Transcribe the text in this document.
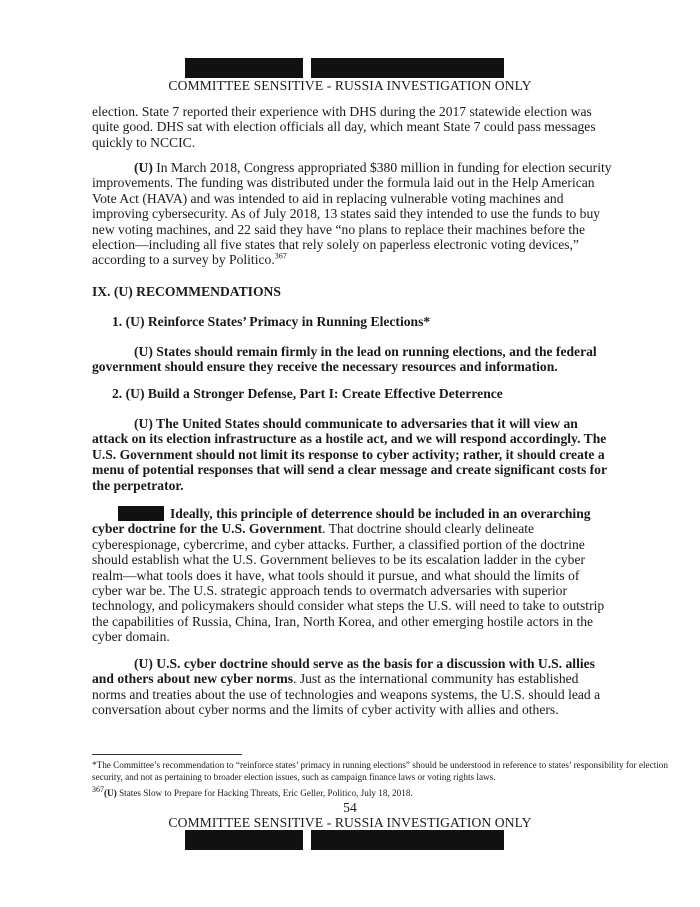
COMMITTEE SENSITIVE - RUSSIA INVESTIGATION ONLY

election. State 7 reported their experience with DHS during the 2017 statewide election was quite good. DHS sat with election officials all day, which meant State 7 could pass messages quickly to NCCIC.

(U) In March 2018, Congress appropriated $380 million in funding for election security improvements. The funding was distributed under the formula laid out in the Help American Vote Act (HAVA) and was intended to aid in replacing vulnerable voting machines and improving cybersecurity. As of July 2018, 13 states said they intended to use the funds to buy new voting machines, and 22 said they have “no plans to replace their machines before the election—including all five states that rely solely on paperless electronic voting devices,” according to a survey by Politico.$^{367}$

IX. (U) RECOMMENDATIONS

1. (U) Reinforce States’ Primacy in Running Elections*

(U) States should remain firmly in the lead on running elections, and the federal government should ensure they receive the necessary resources and information.

2. (U) Build a Stronger Defense, Part I: Create Effective Deterrence

(U) The United States should communicate to adversaries that it will view an attack on its election infrastructure as a hostile act, and we will respond accordingly. The U.S. Government should not limit its response to cyber activity; rather, it should create a menu of potential responses that will send a clear message and create significant costs for the perpetrator.

Ideally, this principle of deterrence should be included in an overarching cyber doctrine for the U.S. Government. That doctrine should clearly delineate cyberespionage, cybercrime, and cyber attacks. Further, a classified portion of the doctrine should establish what the U.S. Government believes to be its escalation ladder in the cyber realm—what tools does it have, what tools should it pursue, and what should the limits of cyber war be. The U.S. strategic approach tends to overmatch adversaries with superior technology, and policymakers should consider what steps the U.S. will need to take to outstrip the capabilities of Russia, China, Iran, North Korea, and other emerging hostile actors in the cyber domain.

(U) U.S. cyber doctrine should serve as the basis for a discussion with U.S. allies and others about new cyber norms. Just as the international community has established norms and treaties about the use of technologies and weapons systems, the U.S. should lead a conversation about cyber norms and the limits of cyber activity with allies and others.

*The Committee’s recommendation to “reinforce states’ primacy in running elections” should be understood in reference to states’ responsibility for election security, and not as pertaining to broader election issues, such as campaign finance laws or voting rights laws.

367(U) States Slow to Prepare for Hacking Threats, Eric Geller, Politico, July 18, 2018.

54
COMMITTEE SENSITIVE - RUSSIA INVESTIGATION ONLY
